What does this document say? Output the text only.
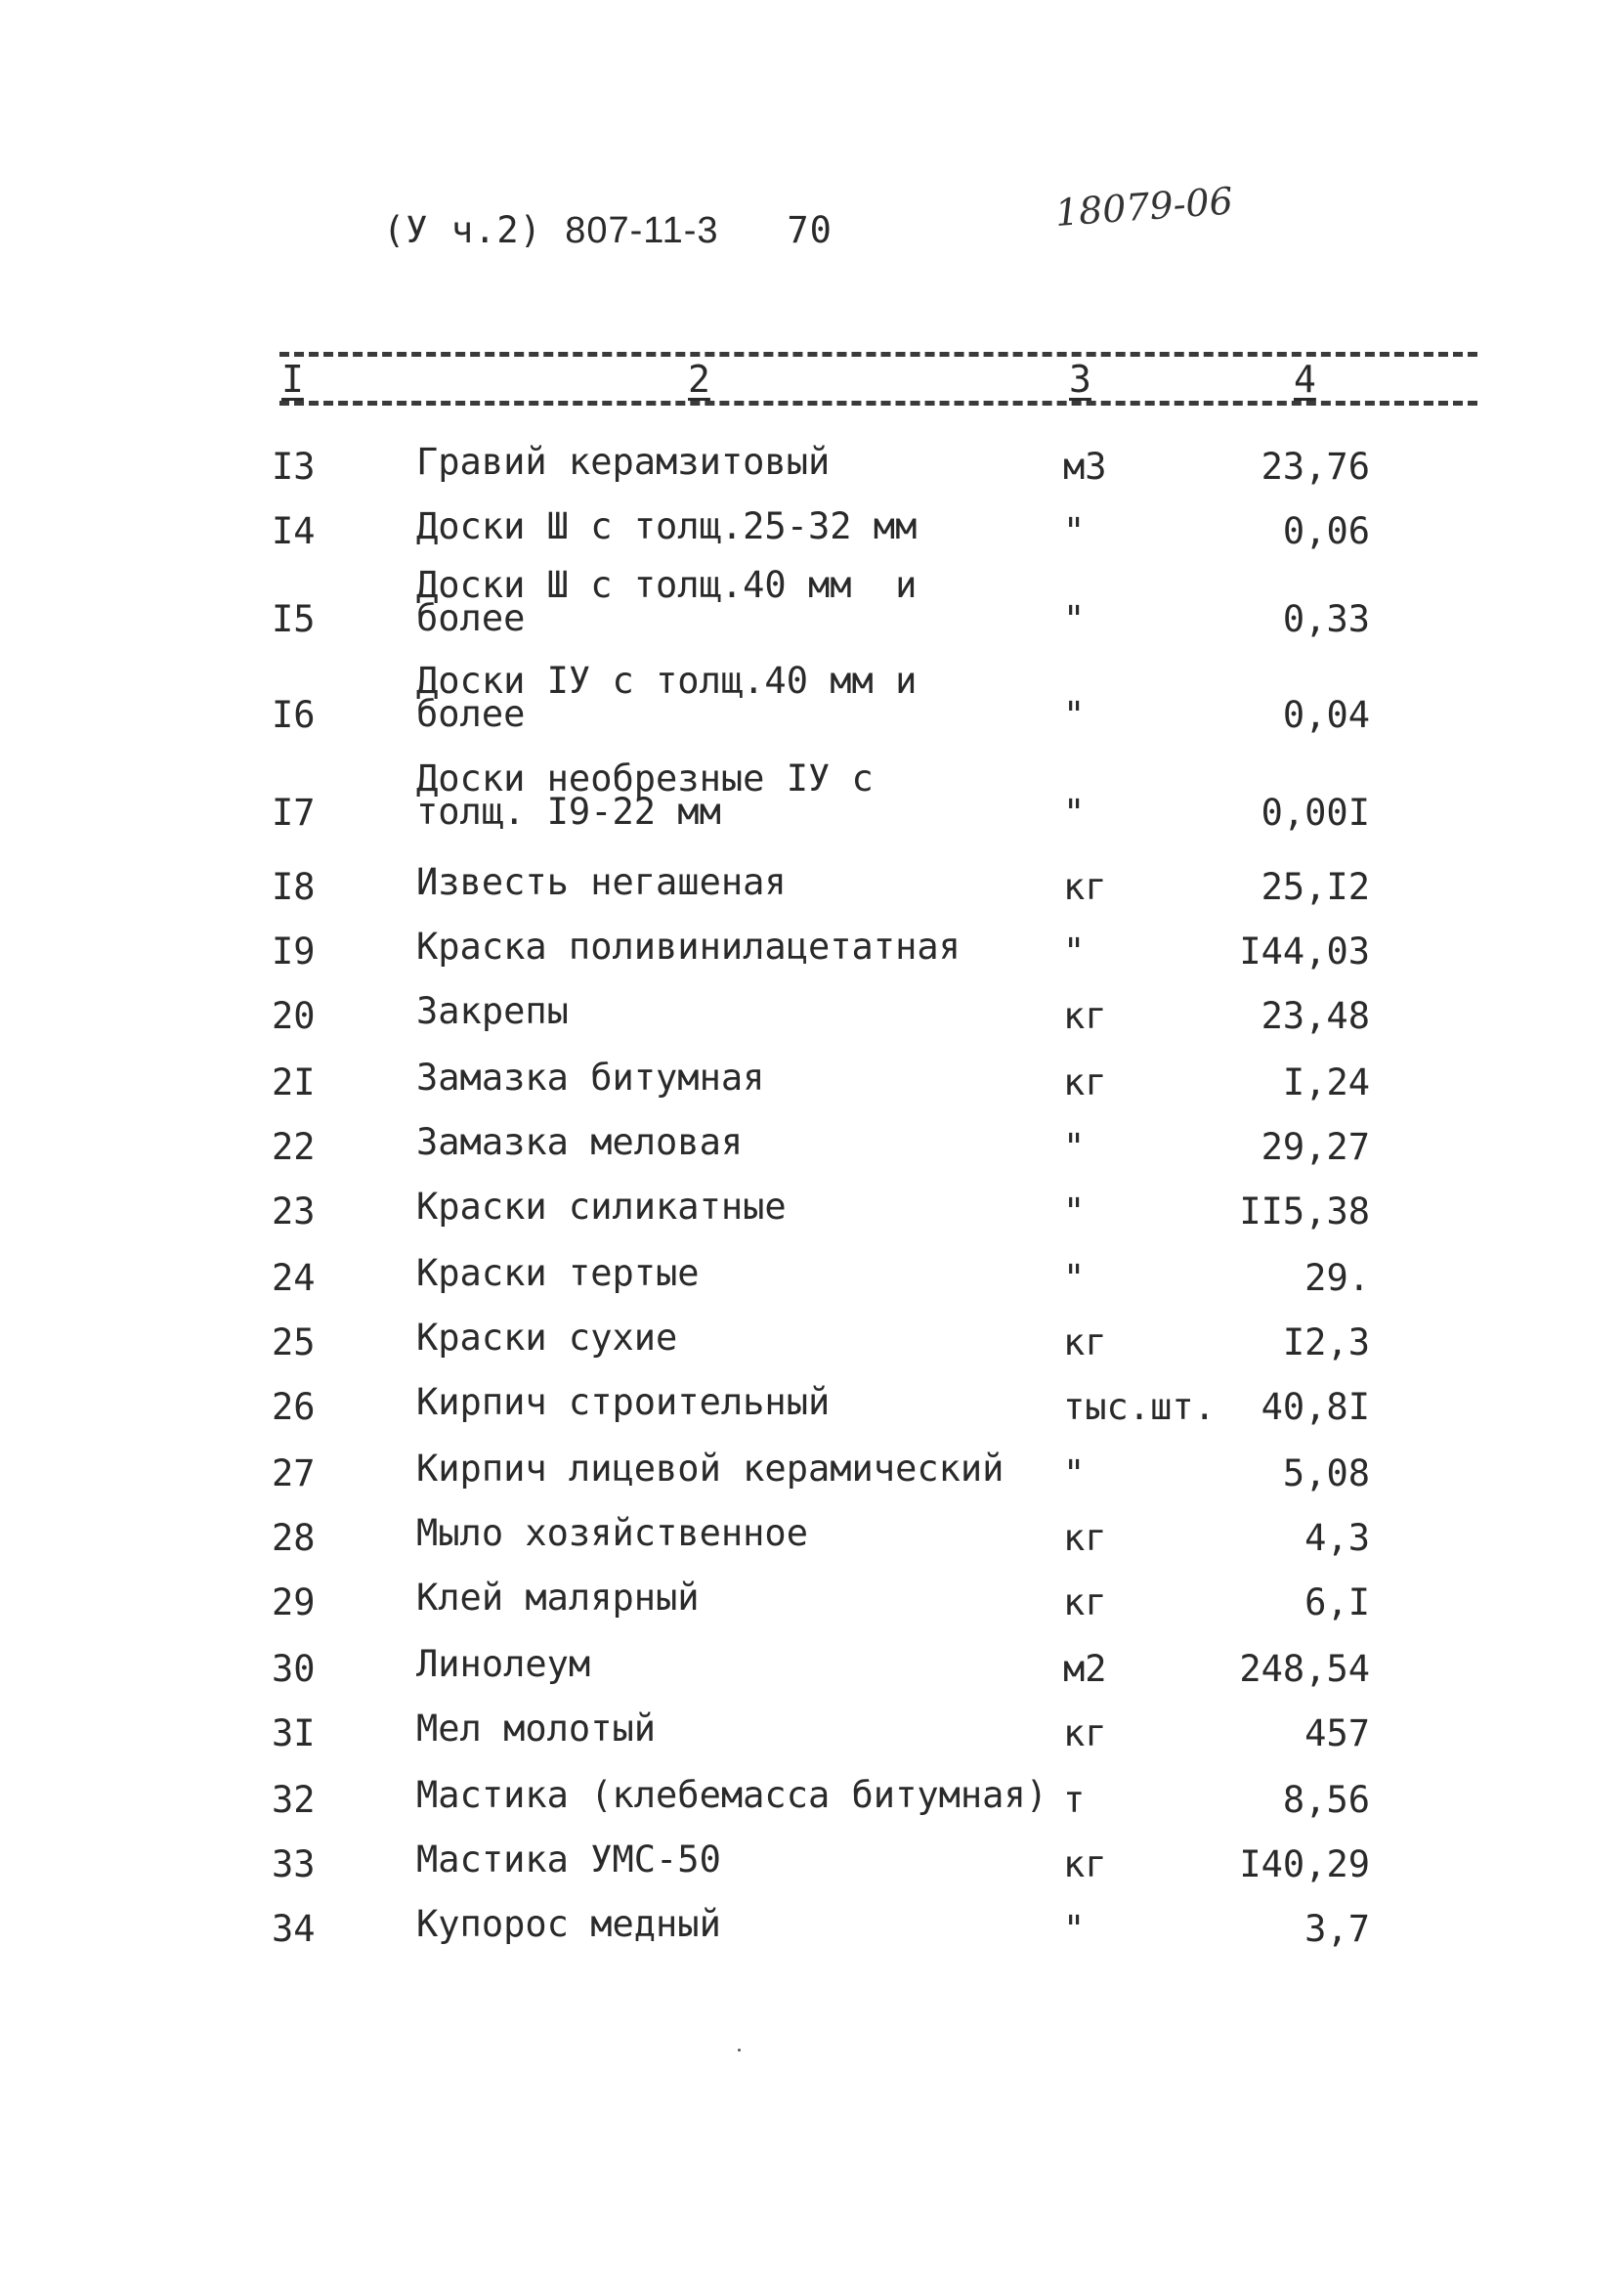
(У ч.2) 807-11-3 70	18079-06
I	2	3	4
I3	Гравий керамзитовый	м3	23,76
I4	Доски Ш с толщ.25-32 мм	"	0,06
I5
Доски Ш с толщ.40 мм  и
более	"	0,33
I6
Доски IУ с толщ.40 мм и
более	"	0,04
I7
Доски необрезные IУ с
толщ. I9-22 мм	"	0,00I
I8	Известь негашеная	кг	25,I2
I9	Краска поливинилацетатная	"	I44,03
20	Закрепы	кг	23,48
2I	Замазка битумная	кг	I,24
22	Замазка меловая	"	29,27
23	Краски силикатные	"	II5,38
24	Краски тертые	"	29.
25	Краски сухие	кг	I2,3
26	Кирпич строительный	тыс.шт. 40,8I
27	Кирпич лицевой керамический "	5,08
28	Мыло хозяйственное	кг	4,3
29	Клей малярный	кг	6,I
30	Линолеум	м2	248,54
3I	Мел молотый	кг	457
32	Мастика (клебемасса битумная) т	8,56
33	Мастика УМС-50	кг	I40,29
34	Купорос медный	"	3,7
